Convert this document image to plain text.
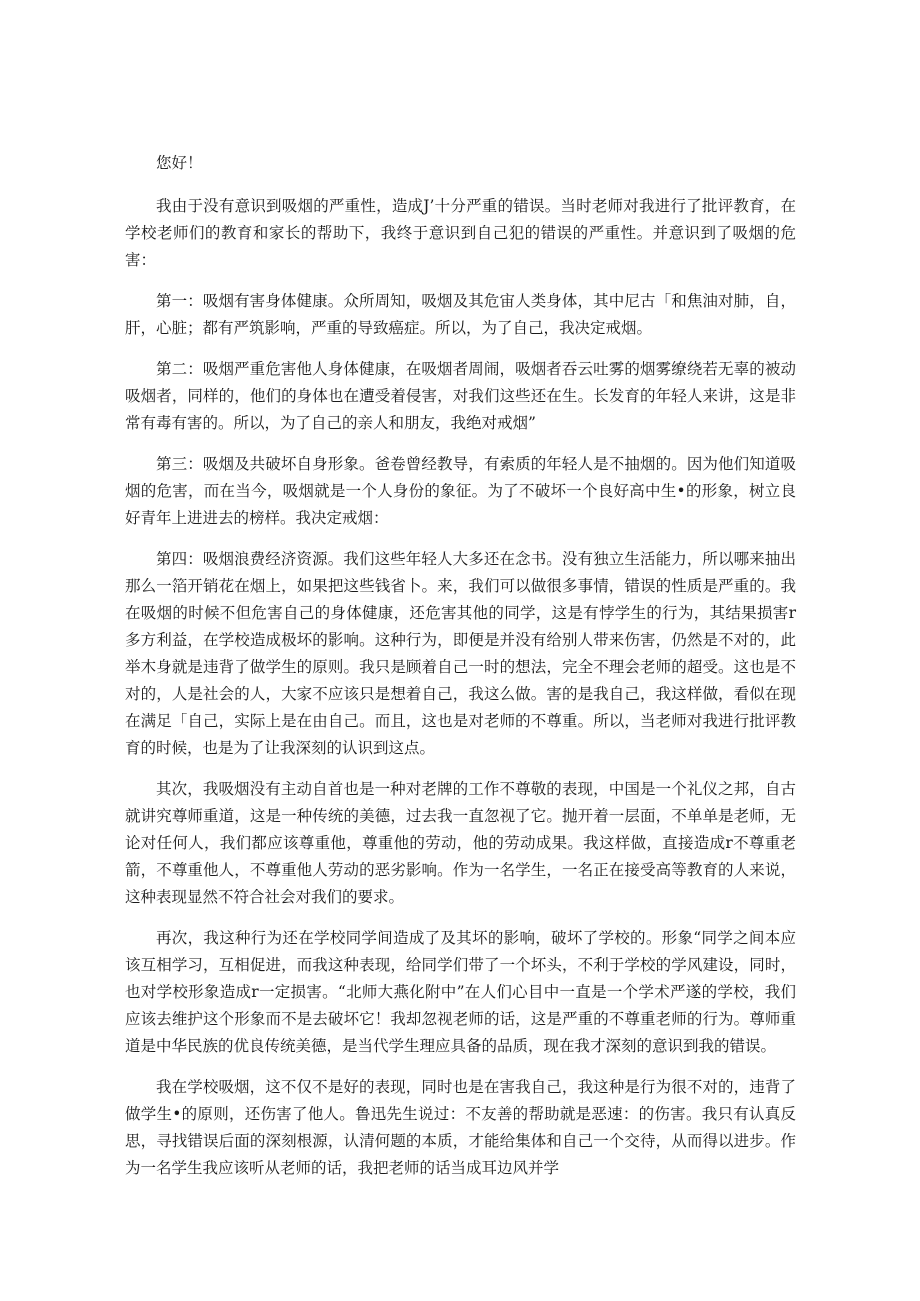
您好！

我由于没有意识到吸烟的严重性，造成J’十分严重的错误。当时老师对我进行了批评教育，在学校老师们的教育和家长的帮助下，我终于意识到自己犯的错误的严重性。并意识到了吸烟的危害：

第一：吸烟有害身体健康。众所周知，吸烟及其危宙人类身体，其中尼古「和焦油对肺，自，肝，心脏；都有严筑影响，严重的导致癌症。所以，为了自己，我决定戒烟。

第二：吸烟严重危害他人身体健康，在吸烟者周闹，吸烟者吞云吐雾的烟雾缭绕若无辜的被动吸烟者，同样的，他们的身体也在遭受着侵害，对我们这些还在生。长发育的年轻人来讲，这是非常有毒有害的。所以，为了自己的亲人和朋友，我绝对戒烟”

第三：吸烟及共破坏自身形象。爸卷曾经教导，有索质的年轻人是不抽烟的。因为他们知道吸烟的危害，而在当今，吸烟就是一个人身份的象征。为了不破坏一个良好高中生•的形象，树立良好青年上进进去的榜样。我决定戒烟：

第四：吸烟浪费经济资源。我们这些年轻人大多还在念书。没有独立生活能力，所以哪来抽出那么一箔开销花在烟上，如果把这些钱省卜。来，我们可以做很多事情，错误的性质是严重的。我在吸烟的时候不但危害自己的身体健康，还危害其他的同学，这是有悖学生的行为，其结果损害r多方利益，在学校造成极坏的影响。这种行为，即便是并没有给别人带来伤害，仍然是不对的，此举木身就是违背了做学生的原则。我只是顾着自己一时的想法，完全不理会老师的超受。这也是不对的，人是社会的人，大家不应该只是想着自己，我这么做。害的是我自己，我这样做，看似在现在满足「自己，实际上是在由自己。而且，这也是对老师的不尊重。所以，当老师对我进行批评教育的时候，也是为了让我深刻的认识到这点。

其次，我吸烟没有主动自首也是一种对老牌的工作不尊敬的表现，中国是一个礼仪之邦，自古就讲究尊师重道，这是一种传统的美德，过去我一直忽视了它。抛开着一层面，不单单是老师，无论对任何人，我们都应该尊重他，尊重他的劳动，他的劳动成果。我这样做，直接造成r不尊重老箭，不尊重他人，不尊重他人劳动的恶劣影响。作为一名学生，一名正在接受高等教育的人来说，这种表现显然不符合社会对我们的要求。

再次，我这种行为还在学校同学间造成了及其坏的影响，破坏了学校的。形象“同学之间本应该互相学习，互相促进，而我这种表现，给同学们带了一个坏头，不利于学校的学风建设，同时，也对学校形象造成r一定损害。“北师大燕化附中”在人们心目中一直是一个学术严遂的学校，我们应该去维护这个形象而不是去破坏它！我却忽视老师的话，这是严重的不尊重老师的行为。尊师重道是中华民族的优良传统美德，是当代学生理应具备的品质，现在我才深刻的意识到我的错误。

我在学校吸烟，这不仅不是好的表现，同时也是在害我自己，我这种是行为很不对的，违背了做学生•的原则，还伤害了他人。鲁迅先生说过：不友善的帮助就是恶速：的伤害。我只有认真反思，寻找错误后面的深刻根源，认清何题的本质，才能给集体和自己一个交待，从而得以进步。作为一名学生我应该听从老师的话，我把老师的话当成耳边风并学
